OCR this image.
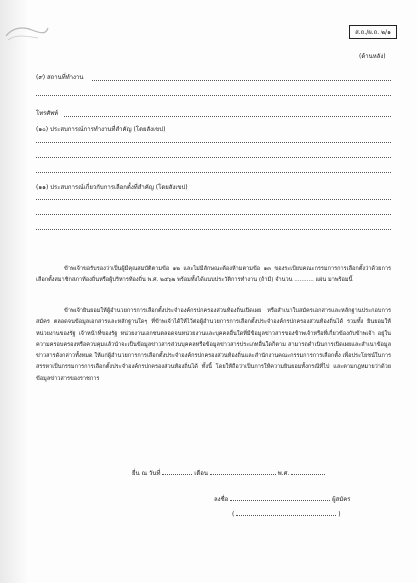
ส.ถ./ผ.ถ. ๒/๑
(ด้านหลัง)
(๙) สถานที่ทำงาน
โทรศัพท์
(๑๐) ประสบการณ์การทำงานที่สำคัญ (โดยสังเขป)
(๑๑) ประสบการณ์เกี่ยวกับการเลือกตั้งที่สำคัญ (โดยสังเขป)
ข้าพเจ้าขอรับรองว่าเป็นผู้มีคุณสมบัติตามข้อ ๑๒ และไม่มีลักษณะต้องห้ามตามข้อ ๑๓ ของระเบียบคณะกรรมการการเลือกตั้งว่าด้วยการเลือกตั้งสมาชิกสภาท้องถิ่นหรือผู้บริหารท้องถิ่น พ.ศ. ๒๕๖๒ พร้อมทั้งได้แนบประวัติการทำงาน (ถ้ามี) จำนวน ........... แผ่น มาพร้อมนี้
ข้าพเจ้ายินยอมให้ผู้อำนวยการการเลือกตั้งประจำองค์กรปกครองส่วนท้องถิ่นเปิดเผย หรือสำเนาใบสมัครเอกสารและหลักฐานประกอบการสมัคร ตลอดจนข้อมูลเอกสารและหลักฐานใดๆ ที่ข้าพเจ้าได้ให้ไว้ต่อผู้อำนวยการการเลือกตั้งประจำองค์กรปกครองส่วนท้องถิ่นได้ รวมทั้ง ยินยอมให้หน่วยงานของรัฐ เจ้าหน้าที่ของรัฐ หน่วยงานเอกชนตลอดจนหน่วยงานและบุคคลอื่นใดที่มีข้อมูลข่าวสารของข้าพเจ้าหรือที่เกี่ยวข้องกับข้าพเจ้า อยู่ในความครอบครองหรือควบคุมแล้วนำจะเป็นข้อมูลข่าวสารส่วนบุคคลหรือข้อมูลข่าวสารประเภทอื่นใดก็ตาม สามารถดำเนินการเปิดเผยและสำเนาข้อมูลข่าวสารดังกล่าวทั้งหมด ให้แก่ผู้อำนวยการการเลือกตั้งประจำองค์กรปกครองส่วนท้องถิ่นและสำนักงานคณะกรรมการการเลือกตั้ง เพื่อประโยชน์ในการสรรหาเป็นกรรมการการเลือกตั้งประจำองค์กรปกครองส่วนท้องถิ่นได้ ทั้งนี้ โดยให้ถือว่าเป็นการให้ความยินยอมทั้งกรณีที่ไป และตามกฎหมายว่าด้วยข้อมูลข่าวสารของราชการ
ยื่น ณ วันที่	เดือน	พ.ศ.
ลงชื่อ	ผู้สมัคร
(	)
